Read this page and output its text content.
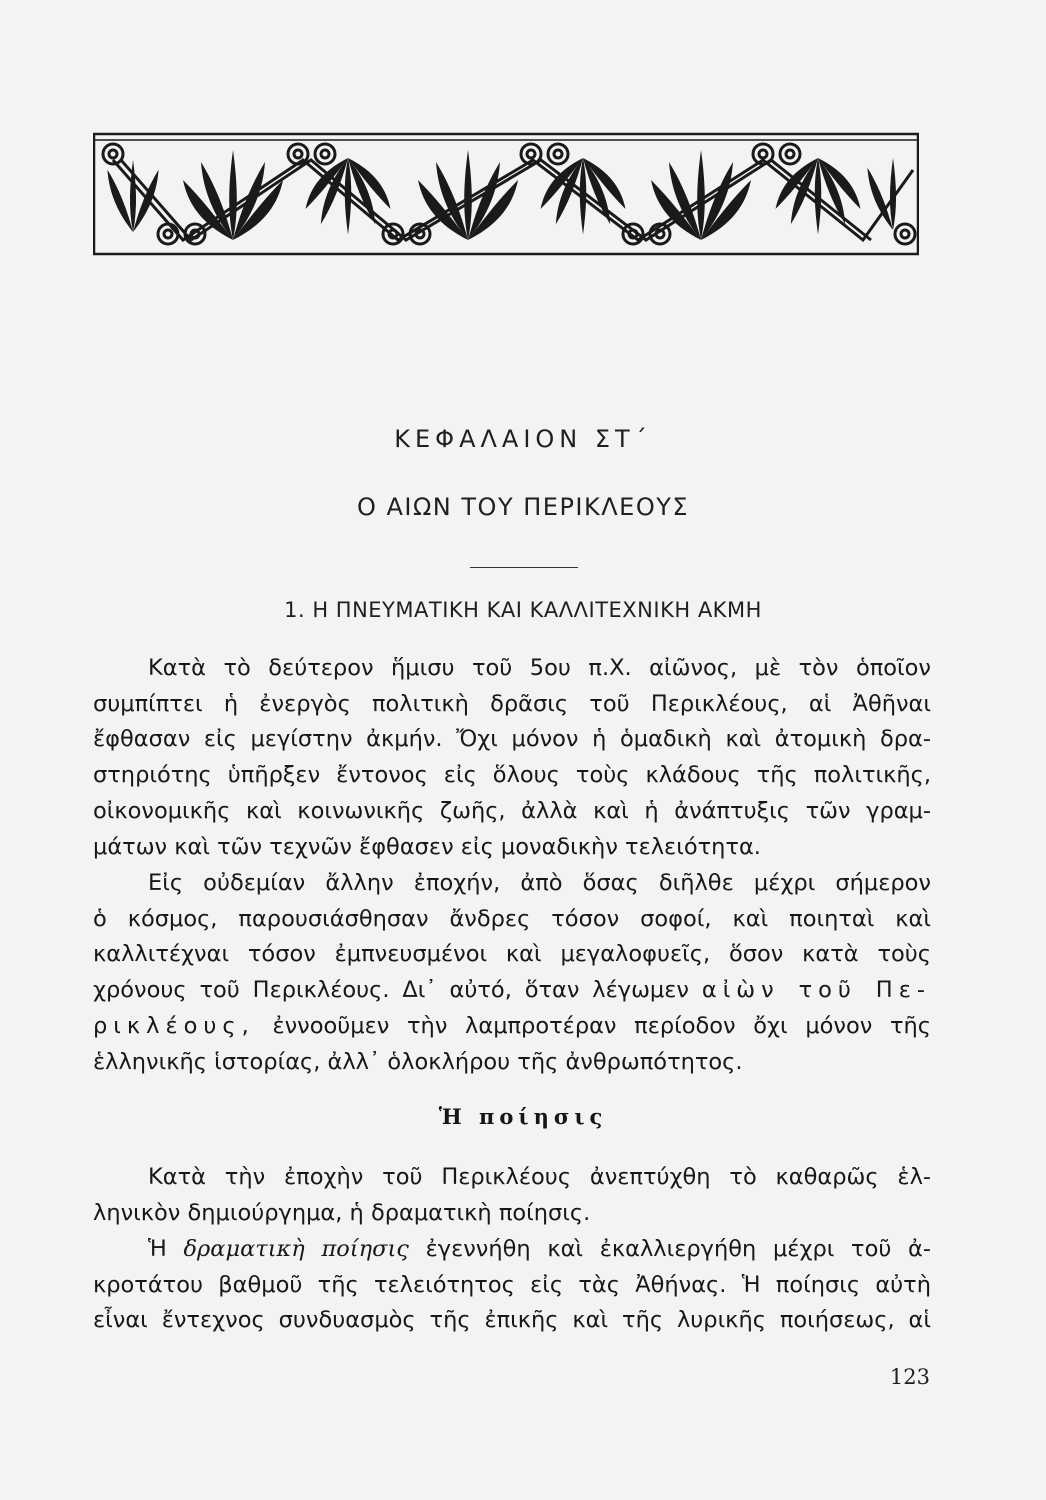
ΚΕΦΑΛΑΙΟΝ ΣΤ΄
Ο ΑΙΩΝ ΤΟΥ ΠΕΡΙΚΛΕΟΥΣ
1. Η ΠΝΕΥΜΑΤΙΚΗ ΚΑΙ ΚΑΛΛΙΤΕΧΝΙΚΗ ΑΚΜΗ
Κατὰ τὸ δεύτερον ἥμισυ τοῦ 5ου π.Χ. αἰῶνος, μὲ τὸν ὁποῖον
συμπίπτει ἡ ἐνεργὸς πολιτικὴ δρᾶσις τοῦ Περικλέους, αἱ Ἀθῆναι
ἔφθασαν εἰς μεγίστην ἀκμήν. Ὄχι μόνον ἡ ὁμαδικὴ καὶ ἀτομικὴ δρα-
στηριότης ὑπῆρξεν ἔντονος εἰς ὅλους τοὺς κλάδους τῆς πολιτικῆς,
οἰκονομικῆς καὶ κοινωνικῆς ζωῆς, ἀλλὰ καὶ ἡ ἀνάπτυξις τῶν γραμ-
μάτων καὶ τῶν τεχνῶν ἔφθασεν εἰς μοναδικὴν τελειότητα.
Εἰς οὐδεμίαν ἄλλην ἐποχήν, ἀπὸ ὅσας διῆλθε μέχρι σήμερον
ὁ κόσμος, παρουσιάσθησαν ἄνδρες τόσον σοφοί, καὶ ποιηταὶ καὶ
καλλιτέχναι τόσον ἐμπνευσμένοι καὶ μεγαλοφυεῖς, ὅσον κατὰ τοὺς
χρόνους τοῦ Περικλέους. Δι᾽ αὐτό, ὅταν λέγωμεν αἰὼν τοῦ Πε-
ρικλέους, ἐννοοῦμεν τὴν λαμπροτέραν περίοδον ὄχι μόνον τῆς
ἑλληνικῆς ἱστορίας, ἀλλ᾽ ὁλοκλήρου τῆς ἀνθρωπότητος.
Ἡ ποίησις
Κατὰ τὴν ἐποχὴν τοῦ Περικλέους ἀνεπτύχθη τὸ καθαρῶς ἑλ-
ληνικὸν δημιούργημα, ἡ δραματικὴ ποίησις.
Ἡ δραματικὴ ποίησις ἐγεννήθη καὶ ἐκαλλιεργήθη μέχρι τοῦ ἀ-
κροτάτου βαθμοῦ τῆς τελειότητος εἰς τὰς Ἀθήνας. Ἡ ποίησις αὐτὴ
εἶναι ἔντεχνος συνδυασμὸς τῆς ἐπικῆς καὶ τῆς λυρικῆς ποιήσεως, αἱ
123
